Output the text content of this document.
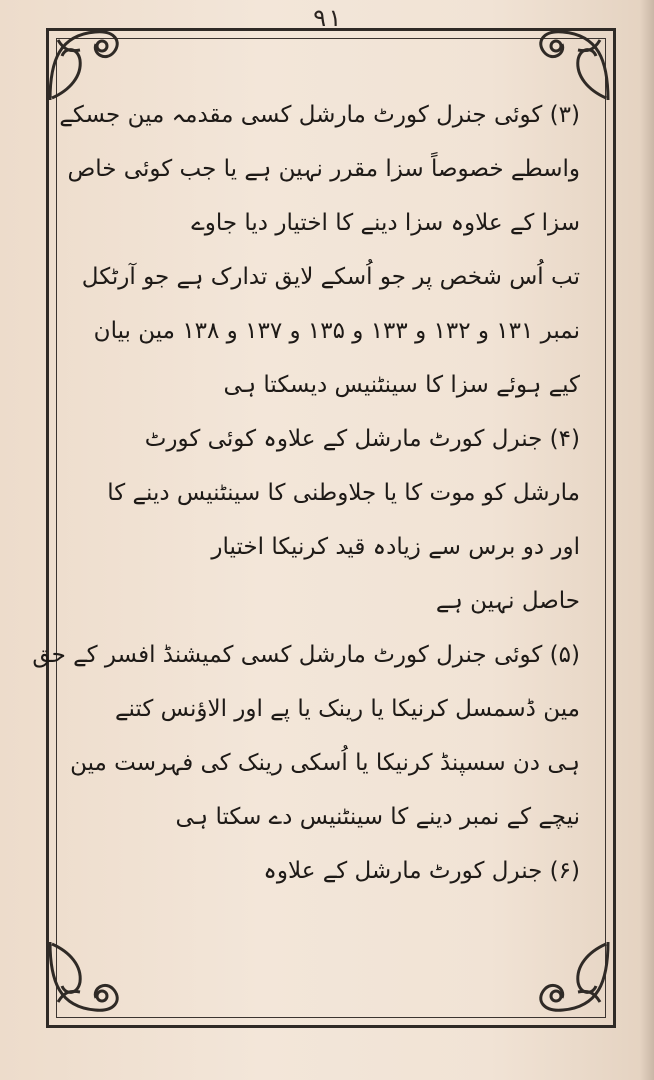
۹۱
(۳) کوئی جنرل کورٹ مارشل کسی مقدمہ مین جسکے
واسطے خصوصاً سزا مقرر نہین ہے یا جب کوئی خاص
سزا کے علاوہ سزا دینے کا اختیار دیا جاوے
تب اُس شخص پر جو اُسکے لایق تدارک ہے جو آرٹکل
نمبر ۱۳۱ و ۱۳۲ و ۱۳۳ و ۱۳۵ و ۱۳۷ و ۱۳۸ مین بیان
کیے ہوئے سزا کا سینٹنیس دیسکتا ہی
(۴) جنرل کورٹ مارشل کے علاوہ کوئی کورٹ
مارشل کو موت کا یا جلاوطنی کا سینٹنیس دینے کا
اور دو برس سے زیادہ قید کرنیکا اختیار
حاصل نہین ہے
(۵) کوئی جنرل کورٹ مارشل کسی کمیشنڈ افسر کے حق
مین ڈسمسل کرنیکا یا رینک یا پے اور الاؤنس کتنے
ہی دن سسپنڈ کرنیکا یا اُسکی رینک کی فہرست مین
نیچے کے نمبر دینے کا سینٹنیس دے سکتا ہی
(۶) جنرل کورٹ مارشل کے علاوہ
